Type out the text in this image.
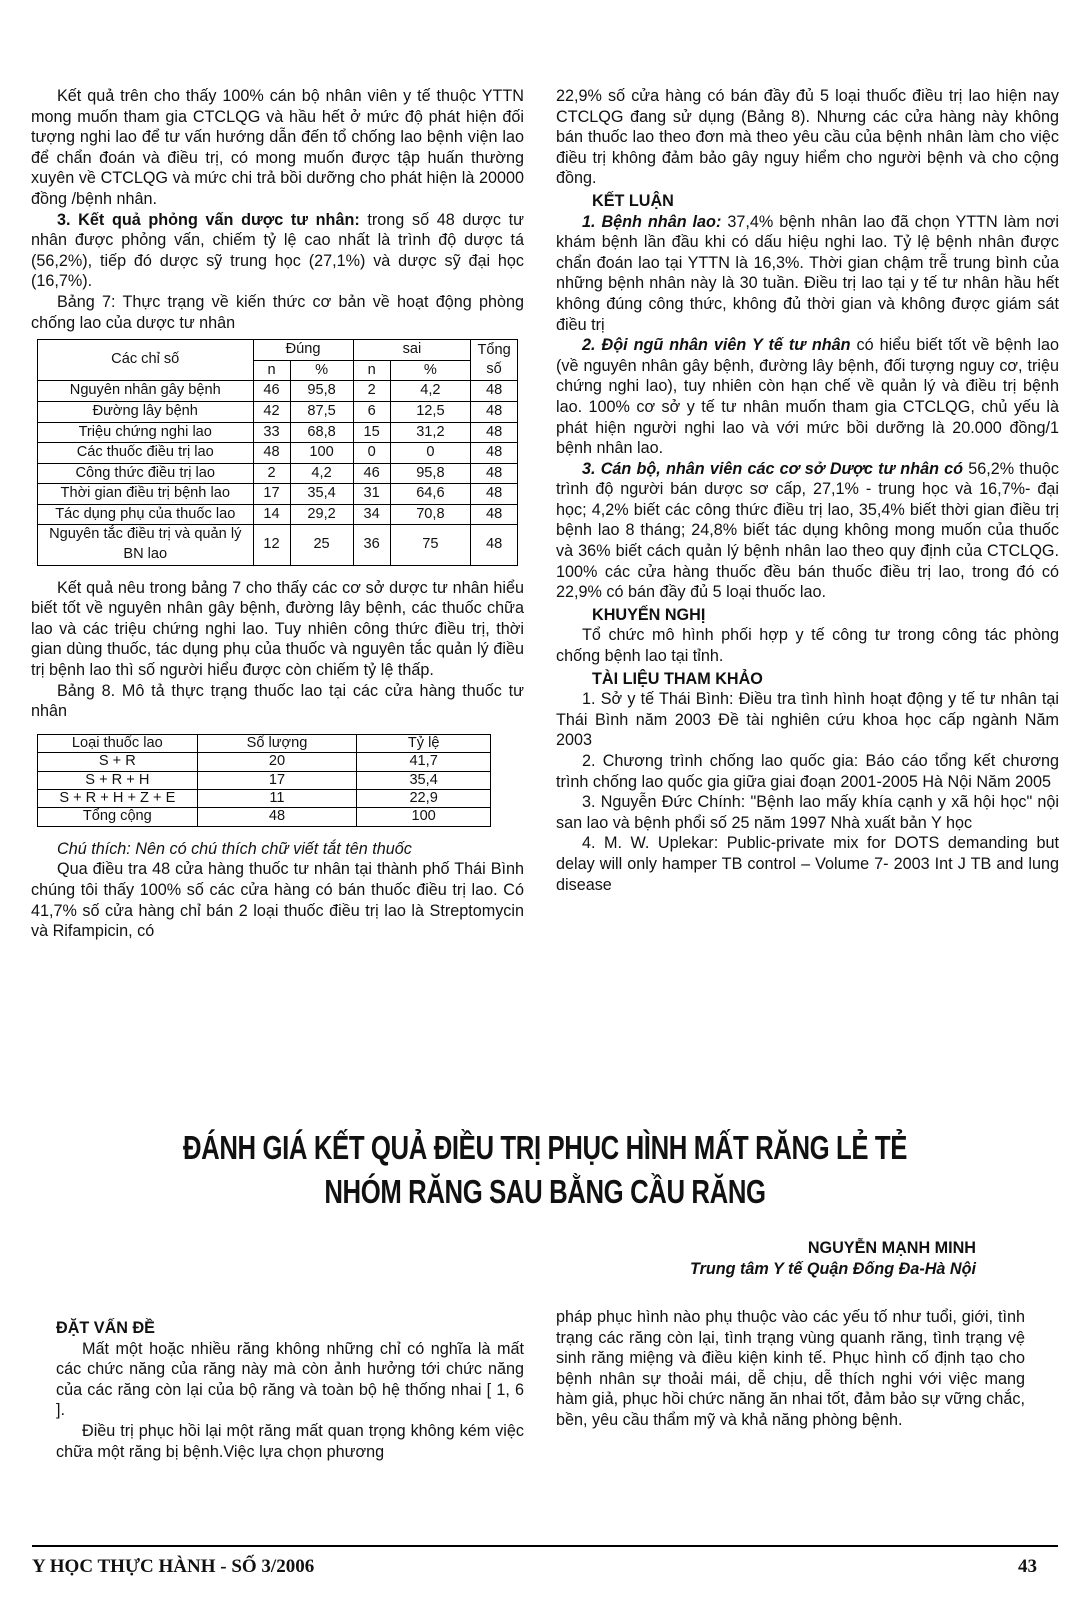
Kết quả trên cho thấy 100% cán bộ nhân viên y tế thuộc YTTN mong muốn tham gia CTCLQG và hầu hết ở mức độ phát hiện đối tượng nghi lao để tư vấn hướng dẫn đến tổ chống lao bệnh viện lao để chẩn đoán và điều trị, có mong muốn được tập huấn thường xuyên về CTCLQG và mức chi trả bồi dưỡng cho phát hiện là 20000 đồng /bệnh nhân.

3. Kết quả phỏng vấn dược tư nhân: trong số 48 dược tư nhân được phỏng vấn, chiếm tỷ lệ cao nhất là trình độ dược tá (56,2%), tiếp đó dược sỹ trung học (27,1%) và dược sỹ đại học (16,7%).

Bảng 7: Thực trạng về kiến thức cơ bản về hoạt động phòng chống lao của dược tư nhân

Các chỉ số	Đúng		sai		Tổng số
	n	%	n	%	
Nguyên nhân gây bệnh	46	95,8	2	4,2	48
Đường lây bệnh	42	87,5	6	12,5	48
Triệu chứng nghi lao	33	68,8	15	31,2	48
Các thuốc điều trị lao	48	100	0	0	48
Công thức điều trị lao	2	4,2	46	95,8	48
Thời gian điều trị bệnh lao	17	35,4	31	64,6	48
Tác dụng phụ của thuốc lao	14	29,2	34	70,8	48
Nguyên tắc điều trị và quản lý BN lao	12	25	36	75	48

Kết quả nêu trong bảng 7 cho thấy các cơ sở dược tư nhân hiểu biết tốt về nguyên nhân gây bệnh, đường lây bệnh, các thuốc chữa lao và các triệu chứng nghi lao. Tuy nhiên công thức điều trị, thời gian dùng thuốc, tác dụng phụ của thuốc và nguyên tắc quản lý điều trị bệnh lao thì số người hiểu được còn chiếm tỷ lệ thấp.

Bảng 8. Mô tả thực trạng thuốc lao tại các cửa hàng thuốc tư nhân

Loại thuốc lao	Số lượng	Tỷ lệ
S + R	20	41,7
S + R + H	17	35,4
S + R + H + Z + E	11	22,9
Tổng cộng	48	100

Chú thích: Nên có chú thích chữ viết tắt tên thuốc

Qua điều tra 48 cửa hàng thuốc tư nhân tại thành phố Thái Bình chúng tôi thấy 100% số các cửa hàng có bán thuốc điều trị lao. Có 41,7% số cửa hàng chỉ bán 2 loại thuốc điều trị lao là Streptomycin và Rifampicin, có

22,9% số cửa hàng có bán đầy đủ 5 loại thuốc điều trị lao hiện nay CTCLQG đang sử dụng (Bảng 8). Nhưng các cửa hàng này không bán thuốc lao theo đơn mà theo yêu cầu của bệnh nhân làm cho việc điều trị không đảm bảo gây nguy hiểm cho người bệnh và cho cộng đồng.

KẾT LUẬN

1. Bệnh nhân lao: 37,4% bệnh nhân lao đã chọn YTTN làm nơi khám bệnh lần đầu khi có dấu hiệu nghi lao. Tỷ lệ bệnh nhân được chẩn đoán lao tại YTTN là 16,3%. Thời gian chậm trễ trung bình của những bệnh nhân này là 30 tuần. Điều trị lao tại y tế tư nhân hầu hết không đúng công thức, không đủ thời gian và không được giám sát điều trị

2. Đội ngũ nhân viên Y tế tư nhân có hiểu biết tốt về bệnh lao (về nguyên nhân gây bệnh, đường lây bệnh, đối tượng nguy cơ, triệu chứng nghi lao), tuy nhiên còn hạn chế về quản lý và điều trị bệnh lao. 100% cơ sở y tế tư nhân muốn tham gia CTCLQG, chủ yếu là phát hiện người nghi lao và với mức bồi dưỡng là 20.000 đồng/1 bệnh nhân lao.

3. Cán bộ, nhân viên các cơ sở Dược tư nhân có 56,2% thuộc trình độ người bán dược sơ cấp, 27,1% - trung học và 16,7%- đại học; 4,2% biết các công thức điều trị lao, 35,4% biết thời gian điều trị bệnh lao 8 tháng; 24,8% biết tác dụng không mong muốn của thuốc và 36% biết cách quản lý bệnh nhân lao theo quy định của CTCLQG. 100% các cửa hàng thuốc đều bán thuốc điều trị lao, trong đó có 22,9% có bán đầy đủ 5 loại thuốc lao.

KHUYẾN NGHỊ

Tổ chức mô hình phối hợp y tế công tư trong công tác phòng chống bệnh lao tại tỉnh.

TÀI LIỆU THAM KHẢO

1. Sở y tế Thái Bình: Điều tra tình hình hoạt động y tế tư nhân tại Thái Bình năm 2003 Đề tài nghiên cứu khoa học cấp ngành Năm 2003

2. Chương trình chống lao quốc gia: Báo cáo tổng kết chương trình chống lao quốc gia giữa giai đoạn 2001-2005 Hà Nội Năm 2005

3. Nguyễn Đức Chính: "Bệnh lao mấy khía cạnh y xã hội học" nội san lao và bệnh phổi số 25 năm 1997 Nhà xuất bản Y học

4. M. W. Uplekar: Public-private mix for DOTS demanding but delay will only hamper TB control – Volume 7- 2003 Int J TB and lung disease

ĐÁNH GIÁ KẾT QUẢ ĐIỀU TRỊ PHỤC HÌNH MẤT RĂNG LẺ TẺ
NHÓM RĂNG SAU BẰNG CẦU RĂNG
NGUYỄN MẠNH MINH
Trung tâm Y tế Quận Đống Đa-Hà Nội

ĐẶT VẤN ĐỀ

Mất một hoặc nhiều răng không những chỉ có nghĩa là mất các chức năng của răng này mà còn ảnh hưởng tới chức năng của các răng còn lại của bộ răng và toàn bộ hệ thống nhai [ 1, 6 ].

Điều trị phục hồi lại một răng mất quan trọng không kém việc chữa một răng bị bệnh.Việc lựa chọn phương

pháp phục hình nào phụ thuộc vào các yếu tố như tuổi, giới, tình trạng các răng còn lại, tình trạng vùng quanh răng, tình trạng vệ sinh răng miệng và điều kiện kinh tế. Phục hình cố định tạo cho bệnh nhân sự thoải mái, dễ chịu, dễ thích nghi với việc mang hàm giả, phục hồi chức năng ăn nhai tốt, đảm bảo sự vững chắc, bền, yêu cầu thẩm mỹ và khả năng phòng bệnh.

Y HỌC THỰC HÀNH - SỐ 3/2006	43
